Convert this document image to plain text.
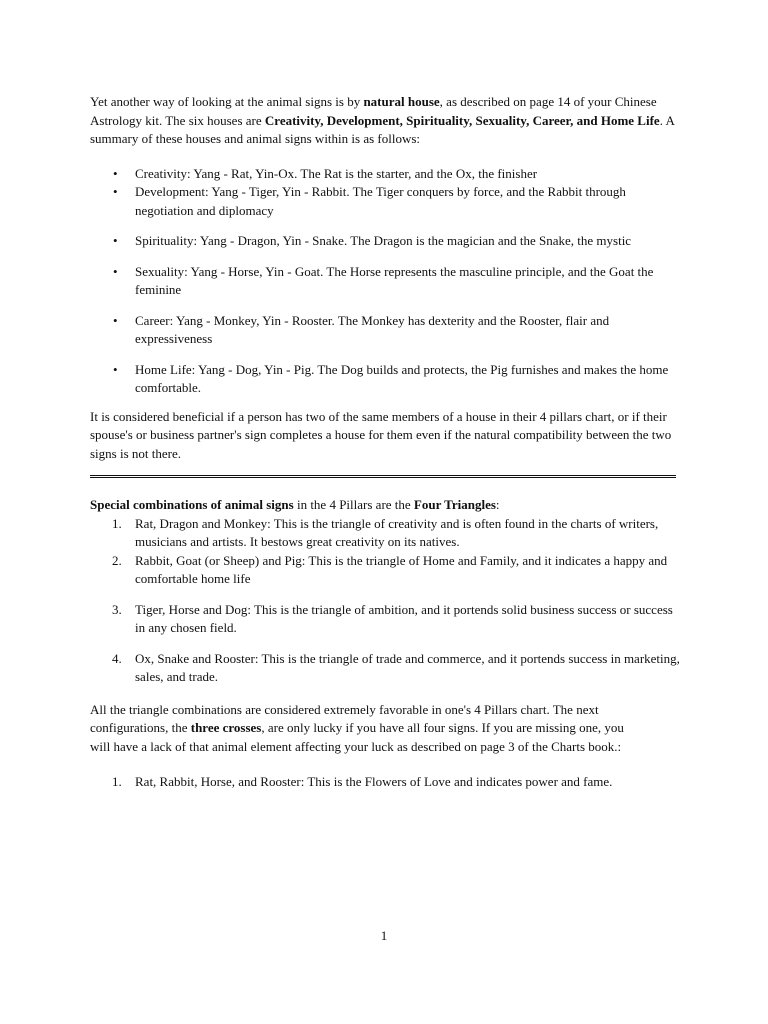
Yet another way of looking at the animal signs is by natural house, as described on page 14 of your Chinese Astrology kit. The six houses are Creativity, Development, Spirituality, Sexuality, Career, and Home Life. A summary of these houses and animal signs within is as follows:

• Creativity: Yang - Rat, Yin-Ox. The Rat is the starter, and the Ox, the finisher
• Development: Yang - Tiger, Yin - Rabbit. The Tiger conquers by force, and the Rabbit through negotiation and diplomacy
• Spirituality: Yang - Dragon, Yin - Snake. The Dragon is the magician and the Snake, the mystic
• Sexuality: Yang - Horse, Yin - Goat. The Horse represents the masculine principle, and the Goat the feminine
• Career: Yang - Monkey, Yin - Rooster. The Monkey has dexterity and the Rooster, flair and expressiveness
• Home Life: Yang - Dog, Yin - Pig. The Dog builds and protects, the Pig furnishes and makes the home comfortable.

It is considered beneficial if a person has two of the same members of a house in their 4 pillars chart, or if their spouse's or business partner's sign completes a house for them even if the natural compatibility between the two signs is not there.

Special combinations of animal signs in the 4 Pillars are the Four Triangles:

1. Rat, Dragon and Monkey: This is the triangle of creativity and is often found in the charts of writers, musicians and artists. It bestows great creativity on its natives.
2. Rabbit, Goat (or Sheep) and Pig: This is the triangle of Home and Family, and it indicates a happy and comfortable home life
3. Tiger, Horse and Dog: This is the triangle of ambition, and it portends solid business success or success in any chosen field.
4. Ox, Snake and Rooster: This is the triangle of trade and commerce, and it portends success in marketing, sales, and trade.

All the triangle combinations are considered extremely favorable in one's 4 Pillars chart. The next configurations, the three crosses, are only lucky if you have all four signs. If you are missing one, you
will have a lack of that animal element affecting your luck as described on page 3 of the Charts book.:

1. Rat, Rabbit, Horse, and Rooster: This is the Flowers of Love and indicates power and fame.
1
